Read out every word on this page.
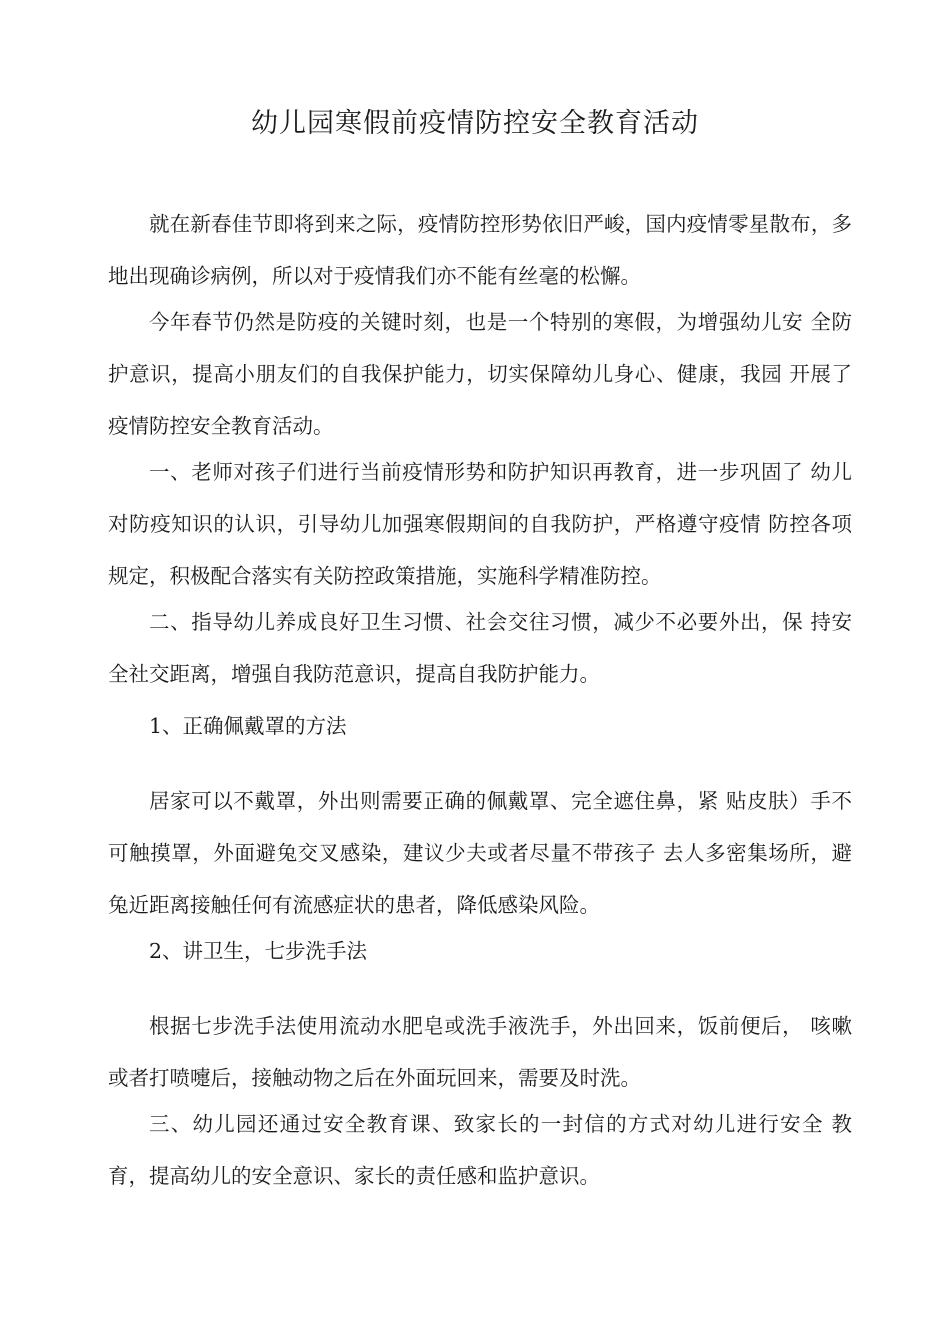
幼儿园寒假前疫情防控安全教育活动

就在新春佳节即将到来之际，疫情防控形势依旧严峻，国内疫情零星散布，多地出现确诊病例，所以对于疫情我们亦不能有丝毫的松懈。

今年春节仍然是防疫的关键时刻，也是一个特别的寒假，为增强幼儿安 全防护意识，提高小朋友们的自我保护能力，切实保障幼儿身心、健康，我园 开展了疫情防控安全教育活动。

一、老师对孩子们进行当前疫情形势和防护知识再教育，进一步巩固了 幼儿对防疫知识的认识，引导幼儿加强寒假期间的自我防护，严格遵守疫情 防控各项规定，积极配合落实有关防控政策措施，实施科学精准防控。

二、指导幼儿养成良好卫生习惯、社会交往习惯，减少不必要外出，保 持安全社交距离，增强自我防范意识，提高自我防护能力。

1、正确佩戴罩的方法

居家可以不戴罩，外出则需要正确的佩戴罩、完全遮住鼻，紧 贴皮肤）手不可触摸罩，外面避兔交叉感染，建议少夫或者尽量不带孩子 去人多密集场所，避兔近距离接触任何有流感症状的患者，降低感染风险。

2、讲卫生，七步洗手法

根据七步洗手法使用流动水肥皂或洗手液洗手，外出回来，饭前便后， 咳嗽或者打喷嚏后，接触动物之后在外面玩回来，需要及时洗。

三、幼儿园还通过安全教育课、致家长的一封信的方式对幼儿进行安全 教育，提高幼儿的安全意识、家长的责任感和监护意识。
